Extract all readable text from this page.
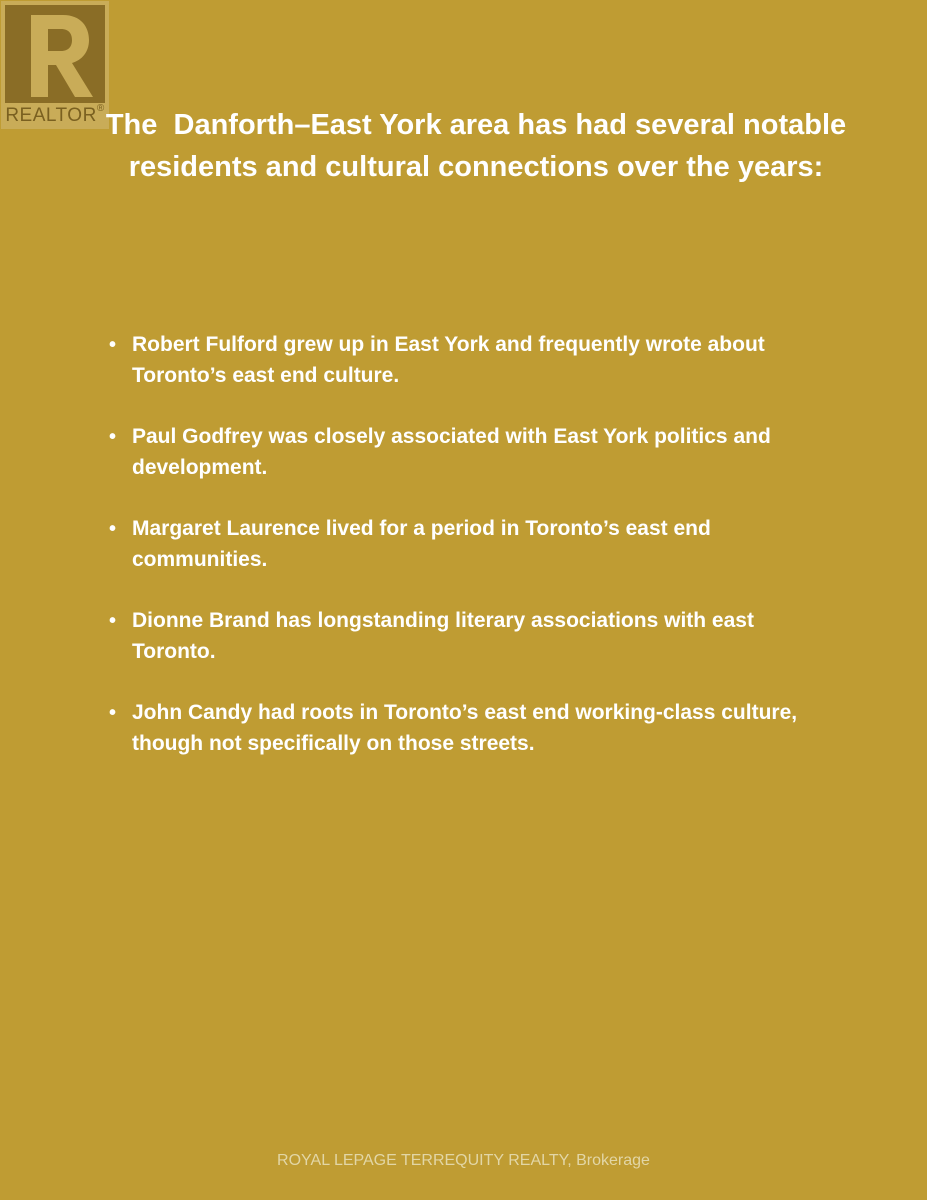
REALTOR®
The  Danforth–East York area has had several notable residents and cultural connections over the years:
• Robert Fulford grew up in East York and frequently wrote about Toronto’s east end culture.
• Paul Godfrey was closely associated with East York politics and development.
• Margaret Laurence lived for a period in Toronto’s east end communities.
• Dionne Brand has longstanding literary associations with east Toronto.
• John Candy had roots in Toronto’s east end working-class culture, though not specifically on those streets.
ROYAL LEPAGE TERREQUITY REALTY, Brokerage
